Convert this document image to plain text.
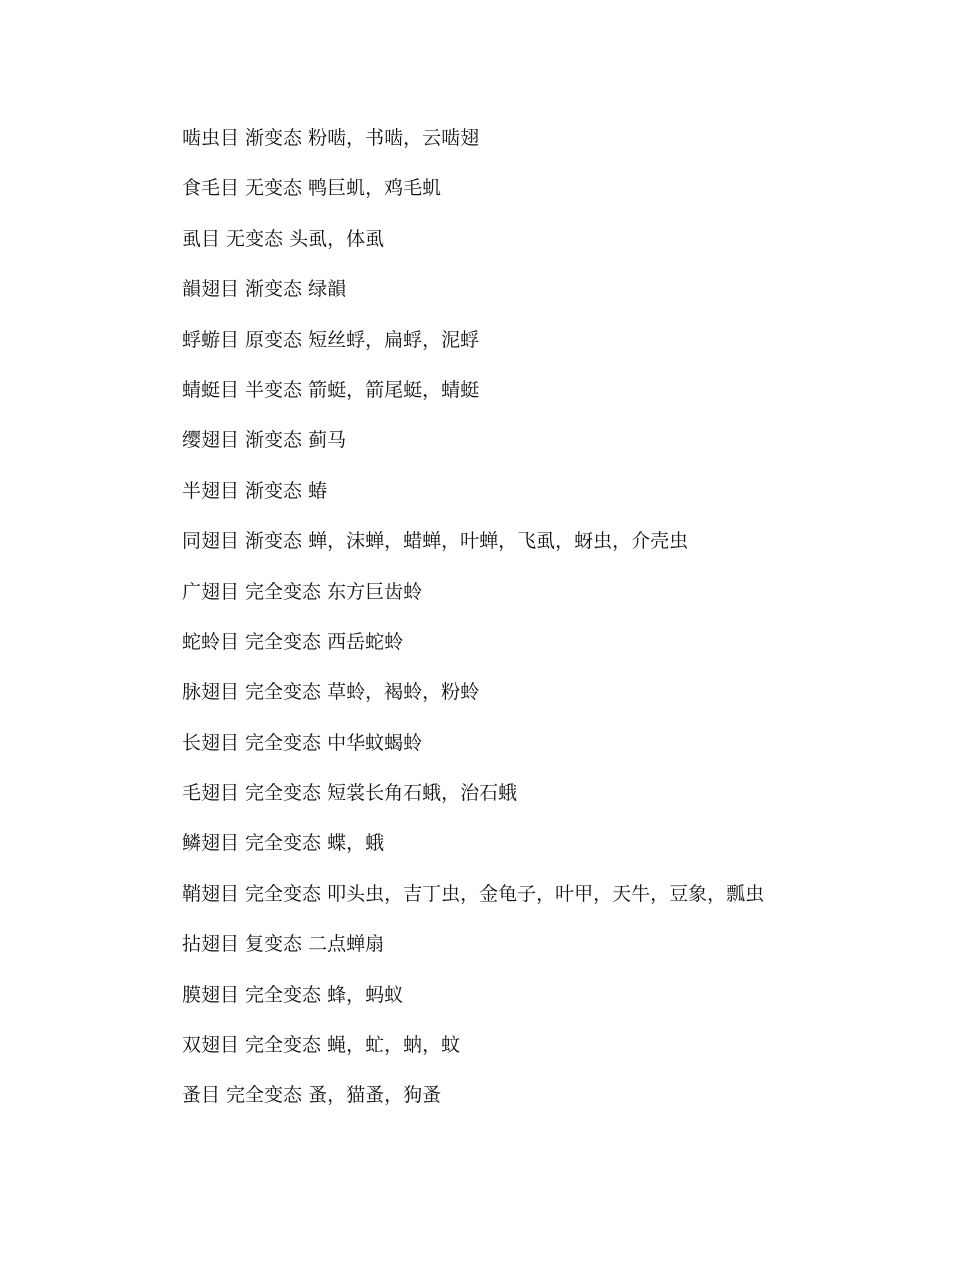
啮虫目 渐变态 粉啮，书啮，云啮翅
食毛目 无变态 鸭巨虮，鸡毛虮
虱目 无变态 头虱，体虱
韻翅目 渐变态 绿韻
蜉蝣目 原变态 短丝蜉，扁蜉，泥蜉
蜻蜓目 半变态 箭蜓，箭尾蜓，蜻蜓
缨翅目 渐变态 蓟马
半翅目 渐变态 蝽
同翅目 渐变态 蝉，沫蝉，蜡蝉，叶蝉，飞虱，蚜虫，介壳虫
广翅目 完全变态 东方巨齿蛉
蛇蛉目 完全变态 西岳蛇蛉
脉翅目 完全变态 草蛉，褐蛉，粉蛉
长翅目 完全变态 中华蚊蝎蛉
毛翅目 完全变态 短裳长角石蛾，治石蛾
鳞翅目 完全变态 蝶，蛾
鞘翅目 完全变态 叩头虫，吉丁虫，金龟子，叶甲，天牛，豆象，瓢虫
拈翅目 复变态 二点蝉扇
膜翅目 完全变态 蜂，蚂蚁
双翅目 完全变态 蝇，虻，蚋，蚊
蚤目 完全变态 蚤，猫蚤，狗蚤
